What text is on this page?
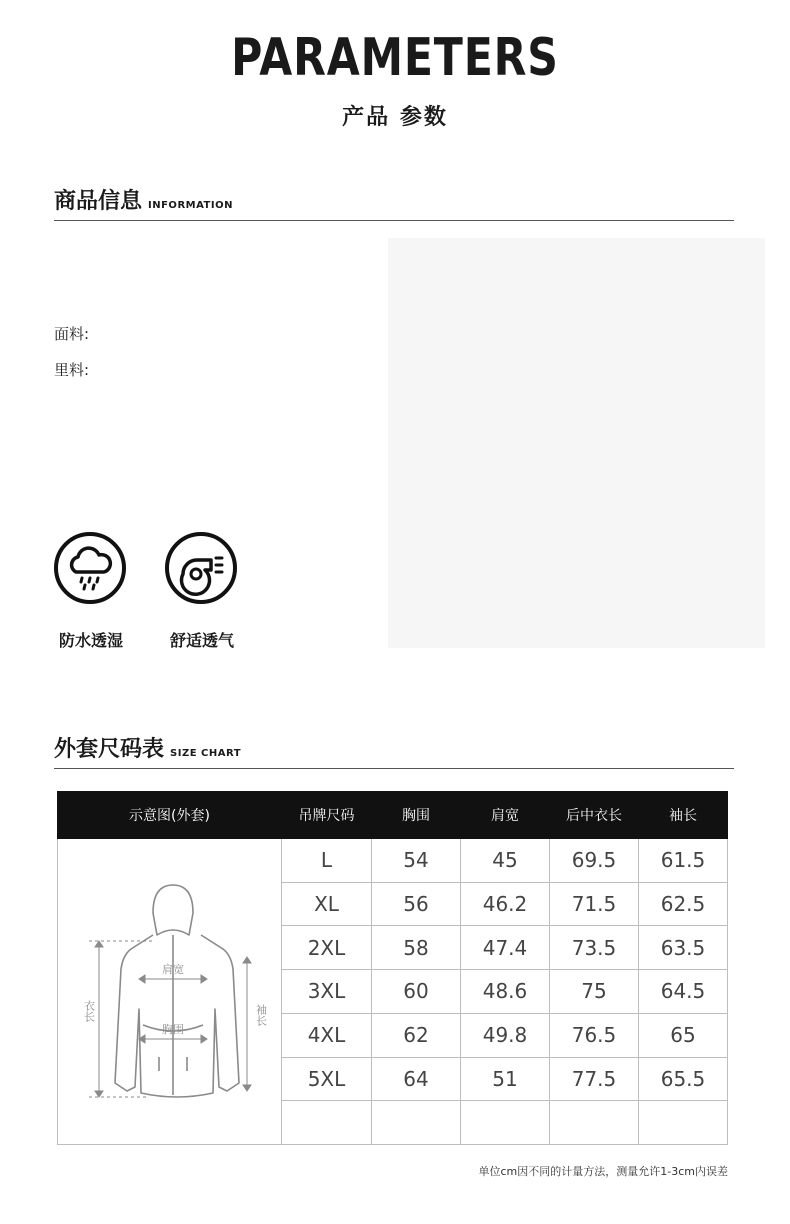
PARAMETERS
产品 参数
商品信息 INFORMATION
面料:
里料:
防水透湿	舒适透气
外套尺码表 SIZE CHART
示意图(外套)	吊牌尺码	胸围	肩宽	后中衣长	袖长

肩宽
胸围
衣长 袖长	L	54	45	69.5	61.5
	XL	56	46.2	71.5	62.5
	2XL	58	47.4	73.5	63.5
	3XL	60	48.6	75	64.5
	4XL	62	49.8	76.5	65
	5XL	64	51	77.5	65.5

单位cm因不同的计量方法，测量允许1-3cm内误差
